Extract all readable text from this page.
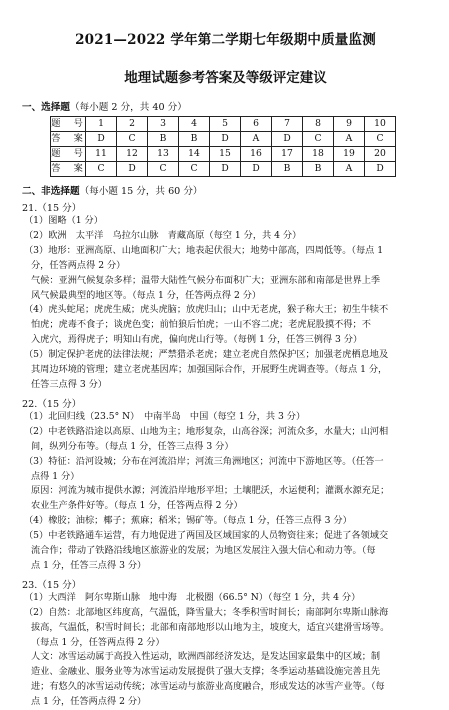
2021—2022 学年第二学期七年级期中质量监测
地理试题参考答案及等级评定建议
一、选择题（每小题 2 分，共 40 分）
题　号	1	2	3	4	5	6	7	8	9	10
答　案	D	C	B	B	D	A	D	C	A	C
题　号	11	12	13	14	15	16	17	18	19	20
答　案	C	D	C	C	D	D	B	B	A	D
二、非选择题（每小题 15 分，共 60 分）
21.（15 分）
（1）图略（1 分）
（2）欧洲　太平洋　乌拉尔山脉　青藏高原（每空 1 分，共 4 分）
（3）地形：亚洲高原、山地面积广大；地表起伏很大；地势中部高，四周低等。（每点 1
分，任答两点得 2 分）
气候：亚洲气候复杂多样；温带大陆性气候分布面积广大；亚洲东部和南部是世界上季
风气候最典型的地区等。（每点 1 分，任答两点得 2 分）
（4）虎头蛇尾；虎虎生威；虎头虎脑；放虎归山；山中无老虎，猴子称大王；初生牛犊不
怕虎；虎毒不食子；谈虎色变；前怕狼后怕虎；一山不容二虎；老虎屁股摸不得；不
入虎穴，焉得虎子；明知山有虎，偏向虎山行等。（每例 1 分，任答三例得 3 分）
（5）制定保护老虎的法律法规；严禁猎杀老虎；建立老虎自然保护区；加强老虎栖息地及
其周边环境的管理；建立老虎基因库；加强国际合作，开展野生虎调查等。（每点 1 分，
任答三点得 3 分）
22.（15 分）
（1）北回归线（23.5° N）　中南半岛　中国（每空 1 分，共 3 分）
（2）中老铁路沿途以高原、山地为主；地形复杂，山高谷深；河流众多，水量大；山河相
间，纵列分布等。（每点 1 分，任答三点得 3 分）
（3）特征：沿河设城；分布在河流沿岸；河流三角洲地区；河流中下游地区等。（任答一
点得 1 分）
原因：河流为城市提供水源；河流沿岸地形平坦；土壤肥沃，水运便利；灌溉水源充足；
农业生产条件好等。（每点 1 分，任答两点得 2 分）
（4）橡胶；油棕；椰子；蕉麻；稻米；锡矿等。（每点 1 分，任答三点得 3 分）
（5）中老铁路通车运营，有力地促进了两国及区域国家的人员物资往来；促进了各领域交
流合作；带动了铁路沿线地区旅游业的发展；为地区发展注入强大信心和动力等。（每
点 1 分，任答三点得 3 分）
23.（15 分）
（1）大西洋　阿尔卑斯山脉　地中海　北极圈（66.5° N）（每空 1 分，共 4 分）
（2）自然：北部地区纬度高，气温低，降雪量大；冬季积雪时间长；南部阿尔卑斯山脉海
拔高，气温低，积雪时间长；北部和南部地形以山地为主，坡度大，适宜兴建滑雪场等。
（每点 1 分，任答两点得 2 分）
人文：冰雪运动属于高投入性运动，欧洲西部经济发达，是发达国家最集中的区域；制
造业、金融业、服务业等为冰雪运动发展提供了强大支撑；冬季运动基础设施完善且先
进；有悠久的冰雪运动传统；冰雪运动与旅游业高度融合，形成发达的冰雪产业等。（每
点 1 分，任答两点得 2 分）
